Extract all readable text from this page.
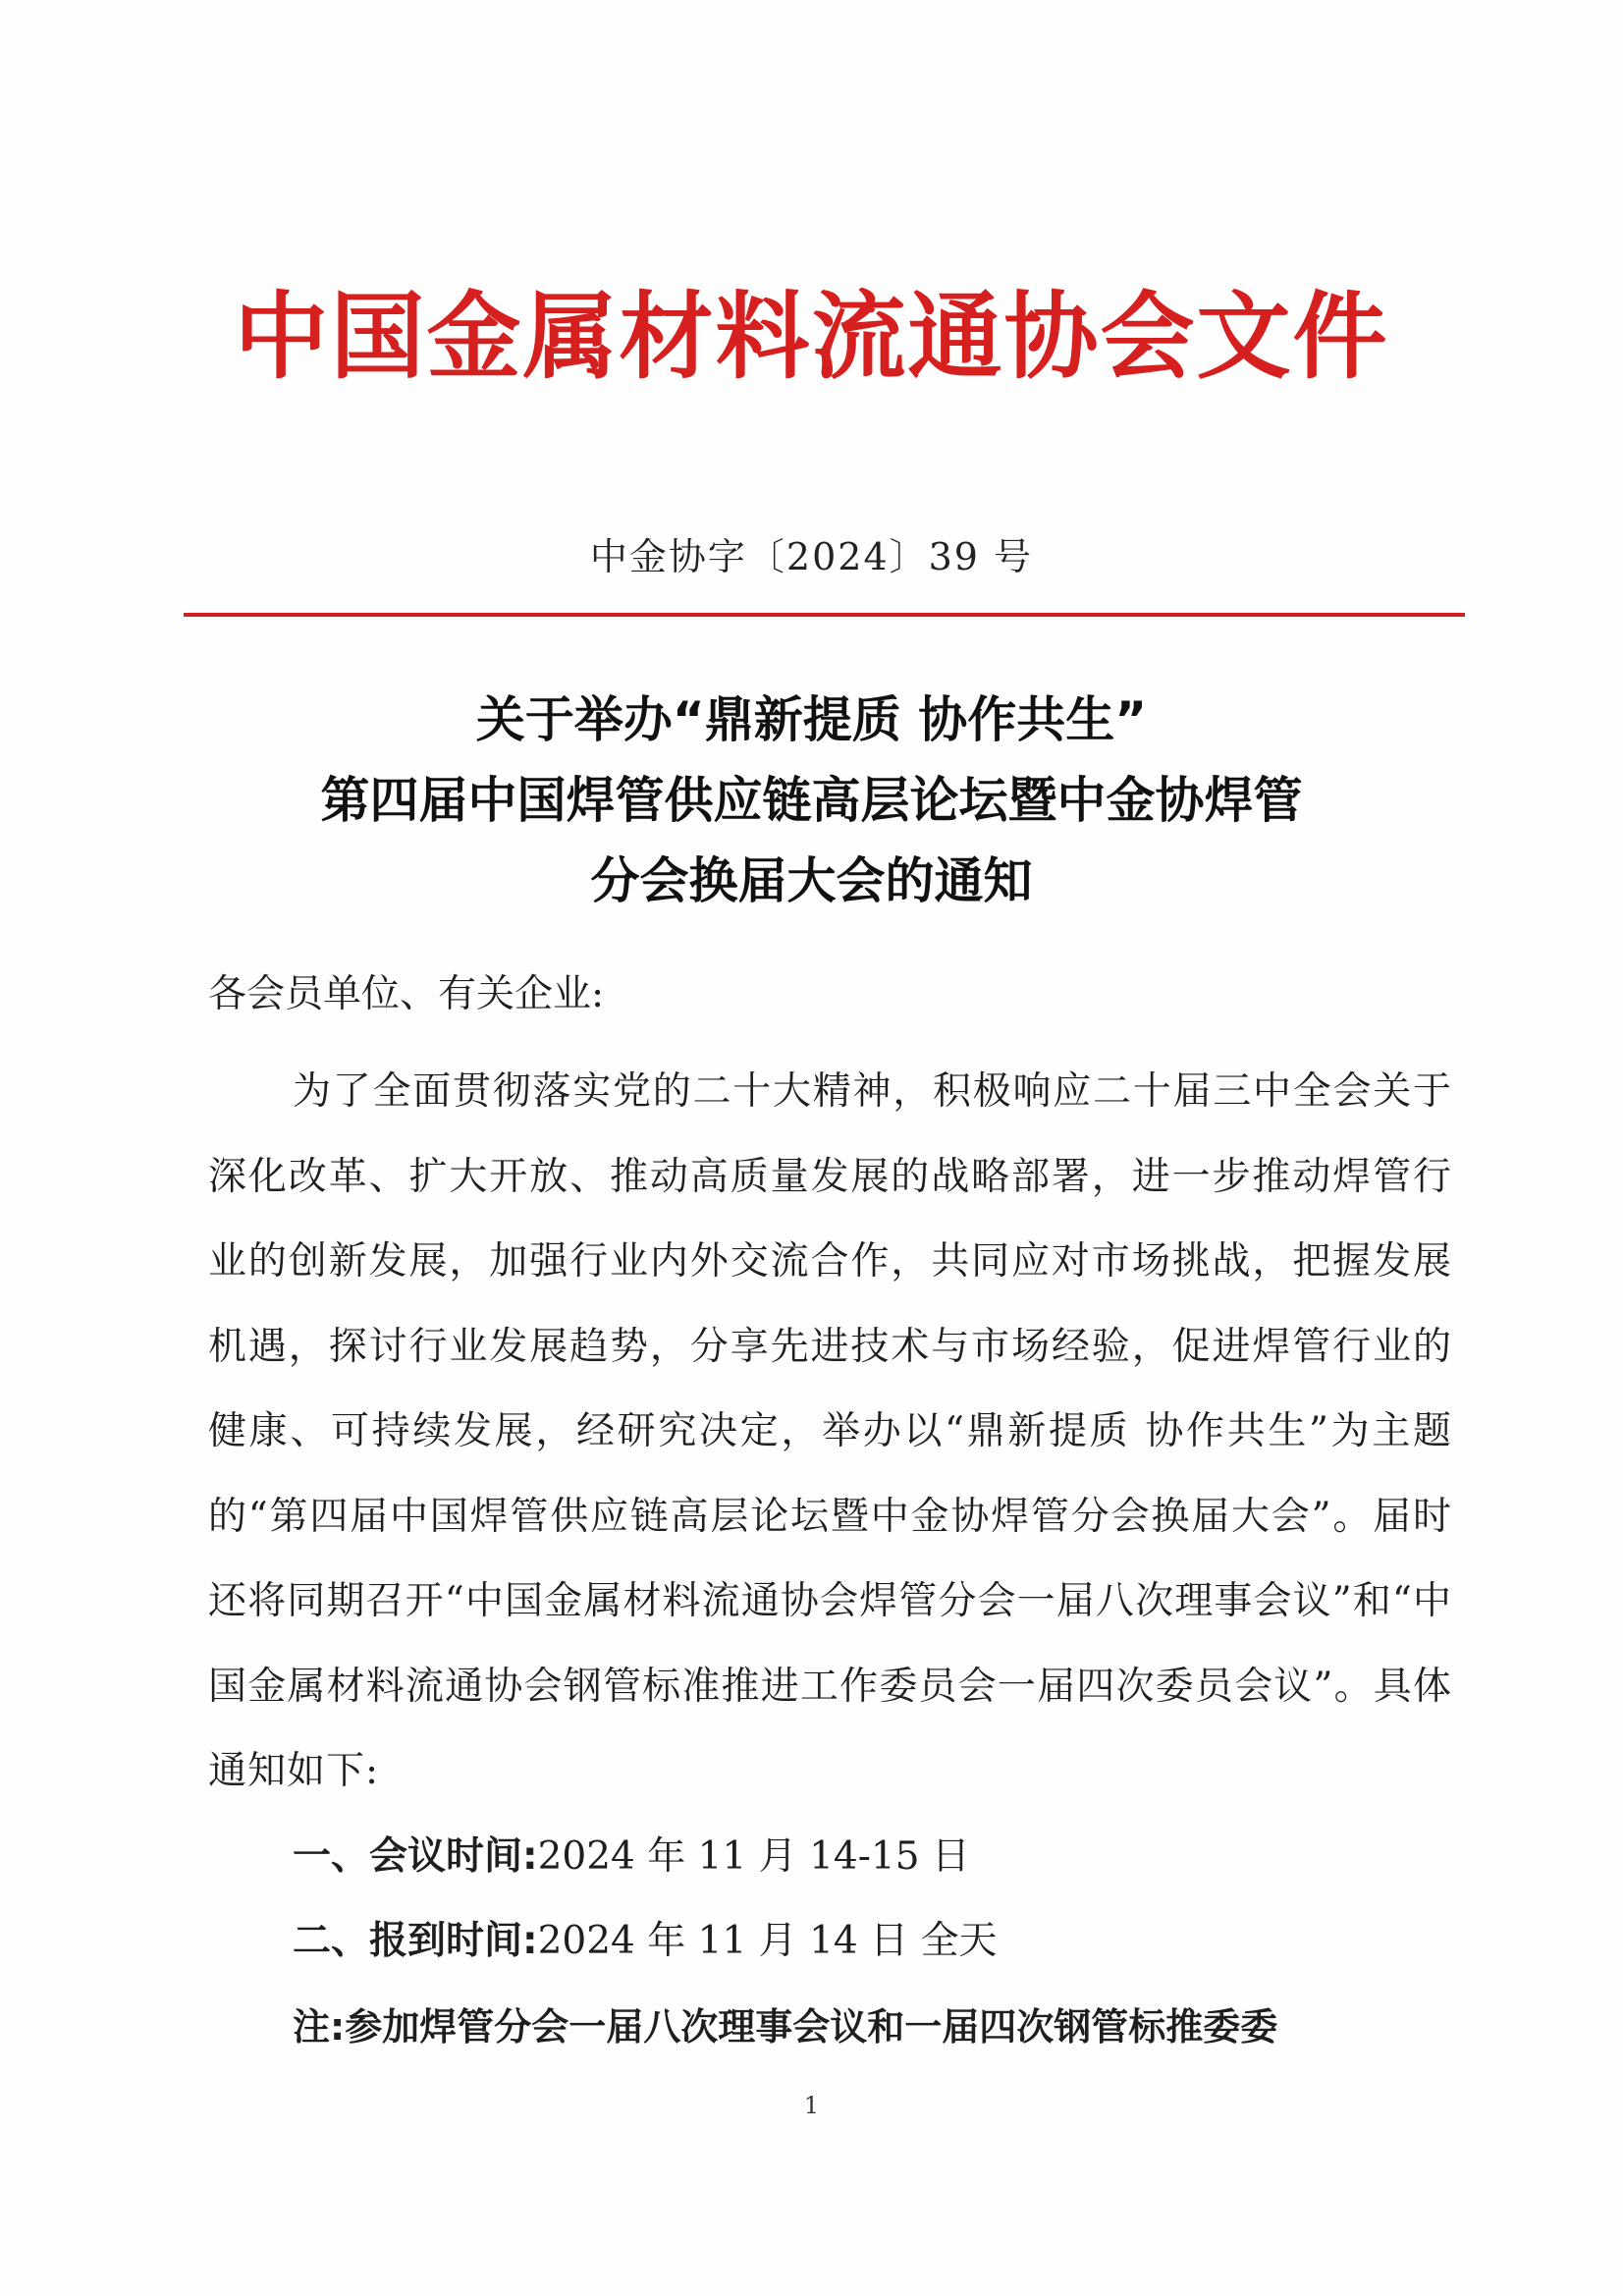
中国金属材料流通协会文件
中金协字〔2024〕39 号
关于举办“鼎新提质 协作共生”
第四届中国焊管供应链高层论坛暨中金协焊管
分会换届大会的通知
各会员单位、有关企业:

为了全面贯彻落实党的二十大精神，积极响应二十届三中全会关于深化改革、扩大开放、推动高质量发展的战略部署，进一步推动焊管行业的创新发展，加强行业内外交流合作，共同应对市场挑战，把握发展机遇，探讨行业发展趋势，分享先进技术与市场经验，促进焊管行业的健康、可持续发展，经研究决定，举办以“鼎新提质 协作共生”为主题的“第四届中国焊管供应链高层论坛暨中金协焊管分会换届大会”。届时还将同期召开“中国金属材料流通协会焊管分会一届八次理事会议”和“中国金属材料流通协会钢管标准推进工作委员会一届四次委员会议”。具体通知如下:

一、会议时间:2024 年 11 月 14-15 日
二、报到时间:2024 年 11 月 14 日 全天
注:参加焊管分会一届八次理事会议和一届四次钢管标推委委
1
